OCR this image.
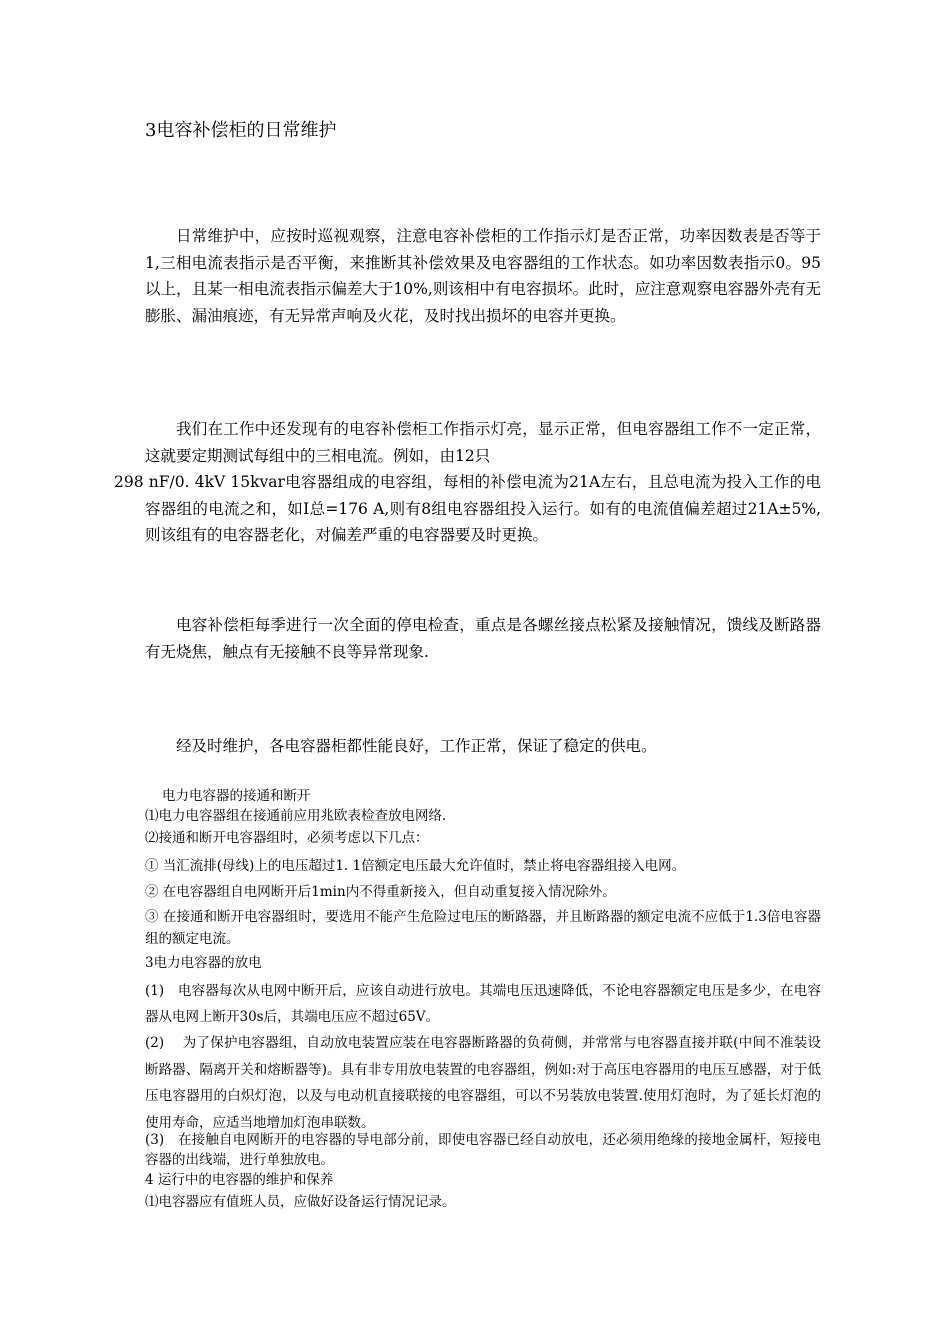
3电容补偿柜的日常维护
日常维护中，应按时巡视观察，注意电容补偿柜的工作指示灯是否正常，功率因数表是否等于1,三相电流表指示是否平衡，来推断其补偿效果及电容器组的工作状态。如功率因数表指示0。95以上，且某一相电流表指示偏差大于10%,则该相中有电容损坏。此时，应注意观察电容器外壳有无膨胀、漏油痕迹，有无异常声响及火花，及时找出损坏的电容并更换。
我们在工作中还发现有的电容补偿柜工作指示灯亮，显示正常，但电容器组工作不一定正常，这就要定期测试每组中的三相电流。例如，由12只
298 nF/0. 4kV 15kvar电容器组成的电容组，每相的补偿电流为21A左右，且总电流为投入工作的电容器组的电流之和，如I总=176 A,则有8组电容器组投入运行。如有的电流值偏差超过21A±5%,则该组有的电容器老化，对偏差严重的电容器要及时更换。
电容补偿柜每季进行一次全面的停电检查，重点是各螺丝接点松紧及接触情况，馈线及断路器有无烧焦，触点有无接触不良等异常现象.
经及时维护，各电容器柜都性能良好，工作正常，保证了稳定的供电。
电力电容器的接通和断开
⑴电力电容器组在接通前应用兆欧表检查放电网络.
⑵接通和断开电容器组时，必须考虑以下几点：
① 当汇流排(母线)上的电压超过1. 1倍额定电压最大允许值时，禁止将电容器组接入电网。
② 在电容器组自电网断开后1min内不得重新接入，但自动重复接入情况除外。
③ 在接通和断开电容器组时，要选用不能产生危险过电压的断路器，并且断路器的额定电流不应低于1.3倍电容器组的额定电流。
3电力电容器的放电
(1)　电容器每次从电网中断开后，应该自动进行放电。其端电压迅速降低，不论电容器额定电压是多少，在电容器从电网上断开30s后，其端电压应不超过65V。
(2)　 为了保护电容器组，自动放电装置应装在电容器断路器的负荷侧，并常常与电容器直接并联(中间不准装设断路器、隔离开关和熔断器等)。具有非专用放电装置的电容器组，例如:对于高压电容器用的电压互感器，对于低压电容器用的白炽灯泡，以及与电动机直接联接的电容器组，可以不另装放电装置.使用灯泡时，为了延长灯泡的使用寿命，应适当地增加灯泡串联数。
(3)　在接触自电网断开的电容器的导电部分前，即使电容器已经自动放电，还必须用绝缘的接地金属杆，短接电容器的出线端，进行单独放电。
4 运行中的电容器的维护和保养
⑴电容器应有值班人员，应做好设备运行情况记录。
